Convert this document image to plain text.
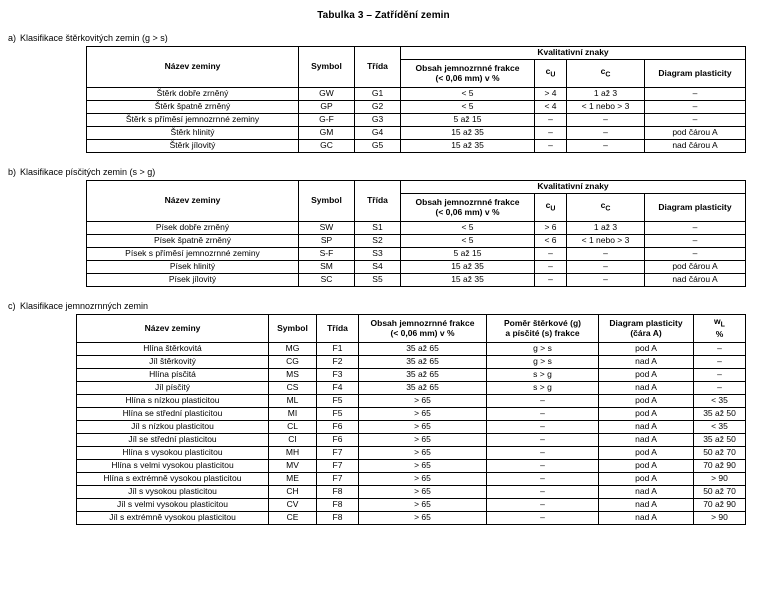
Tabulka 3 – Zatřídění zemin
a) Klasifikace štěrkovitých zemin (g > s)
Název zeminy	Symbol	Třída	Kvalitativní znaky			
			Obsah jemnozrnné frakce
(< 0,06 mm) v %	$c_U$	$c_C$	Diagram plasticity
Štěrk dobře zrněný	GW	G1	< 5	> 4	1 až 3	–
Štěrk špatně zrněný	GP	G2	< 5	< 4	< 1 nebo > 3	–
Štěrk s příměsí jemnozrnné zeminy	G-F	G3	5 až 15	–	–	–
Štěrk hlinitý	GM	G4	15 až 35	–	–	pod čárou A
Štěrk jílovitý	GC	G5	15 až 35	–	–	nad čárou A
b) Klasifikace písčitých zemin (s > g)
Název zeminy	Symbol	Třída	Kvalitativní znaky			
			Obsah jemnozrnné frakce
(< 0,06 mm) v %	$c_U$	$c_C$	Diagram plasticity
Písek dobře zrněný	SW	S1	< 5	> 6	1 až 3	–
Písek špatně zrněný	SP	S2	< 5	< 6	< 1 nebo > 3	–
Písek s příměsí jemnozrnné zeminy	S-F	S3	5 až 15	–	–	–
Písek hlinitý	SM	S4	15 až 35	–	–	pod čárou A
Písek jílovitý	SC	S5	15 až 35	–	–	nad čárou A
c) Klasifikace jemnozrnných zemin
Název zeminy	Symbol	Třída	Obsah jemnozrnné frakce
(< 0,06 mm) v %	Poměr štěrkové (g)
a písčité (s) frakce	Diagram plasticity
(čára A)	$w_L$
%
Hlína štěrkovitá	MG	F1	35 až 65	g > s	pod A	–
Jíl štěrkovitý	CG	F2	35 až 65	g > s	nad A	–
Hlína písčitá	MS	F3	35 až 65	s > g	pod A	–
Jíl písčitý	CS	F4	35 až 65	s > g	nad A	–
Hlína s nízkou plasticitou	ML	F5	> 65	–	pod A	< 35
Hlína se střední plasticitou	MI	F5	> 65	–	pod A	35 až 50
Jíl s nízkou plasticitou	CL	F6	> 65	–	nad A	< 35
Jíl se střední plasticitou	CI	F6	> 65	–	nad A	35 až 50
Hlína s vysokou plasticitou	MH	F7	> 65	–	pod A	50 až 70
Hlína s velmi vysokou plasticitou	MV	F7	> 65	–	pod A	70 až 90
Hlína s extrémně vysokou plasticitou	ME	F7	> 65	–	pod A	> 90
Jíl s vysokou plasticitou	CH	F8	> 65	–	nad A	50 až 70
Jíl s velmi vysokou plasticitou	CV	F8	> 65	–	nad A	70 až 90
Jíl s extrémně vysokou plasticitou	CE	F8	> 65	–	nad A	> 90
